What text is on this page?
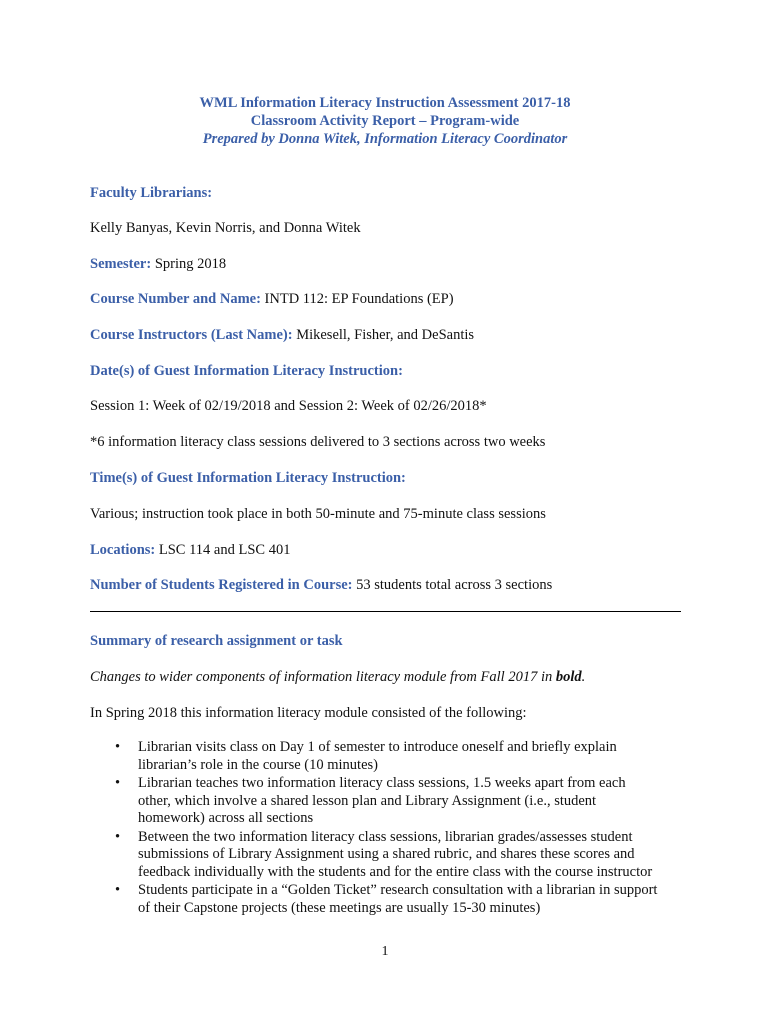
WML Information Literacy Instruction Assessment 2017-18
Classroom Activity Report – Program-wide
Prepared by Donna Witek, Information Literacy Coordinator
Faculty Librarians:
Kelly Banyas, Kevin Norris, and Donna Witek
Semester: Spring 2018
Course Number and Name: INTD 112: EP Foundations (EP)
Course Instructors (Last Name): Mikesell, Fisher, and DeSantis
Date(s) of Guest Information Literacy Instruction:
Session 1: Week of 02/19/2018 and Session 2: Week of 02/26/2018*
*6 information literacy class sessions delivered to 3 sections across two weeks
Time(s) of Guest Information Literacy Instruction:
Various; instruction took place in both 50-minute and 75-minute class sessions
Locations: LSC 114 and LSC 401
Number of Students Registered in Course: 53 students total across 3 sections
Summary of research assignment or task
Changes to wider components of information literacy module from Fall 2017 in bold.
In Spring 2018 this information literacy module consisted of the following:
• Librarian visits class on Day 1 of semester to introduce oneself and briefly explain
librarian’s role in the course (10 minutes)
• Librarian teaches two information literacy class sessions, 1.5 weeks apart from each
other, which involve a shared lesson plan and Library Assignment (i.e., student
homework) across all sections
• Between the two information literacy class sessions, librarian grades/assesses student
submissions of Library Assignment using a shared rubric, and shares these scores and
feedback individually with the students and for the entire class with the course instructor
• Students participate in a “Golden Ticket” research consultation with a librarian in support
of their Capstone projects (these meetings are usually 15-30 minutes)
1
